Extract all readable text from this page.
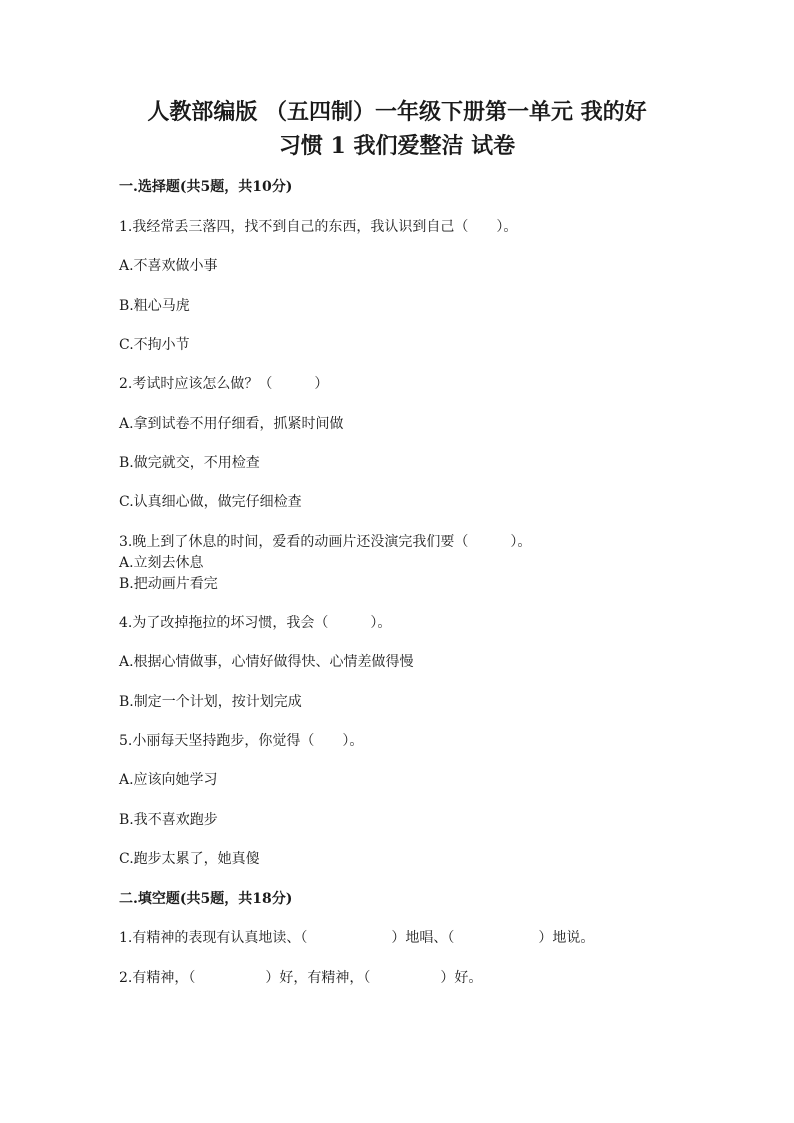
人教部编版 （五四制）一年级下册第一单元 我的好
习惯 1 我们爱整洁 试卷
一.选择题(共5题，共10分)
1.我经常丢三落四，找不到自己的东西，我认识到自己（　　）。
A.不喜欢做小事
B.粗心马虎
C.不拘小节
2.考试时应该怎么做？（　　　）
A.拿到试卷不用仔细看，抓紧时间做
B.做完就交，不用检查
C.认真细心做，做完仔细检查
3.晚上到了休息的时间，爱看的动画片还没演完我们要（　　　）。
A.立刻去休息
B.把动画片看完
4.为了改掉拖拉的坏习惯，我会（　　　）。
A.根据心情做事，心情好做得快、心情差做得慢
B.制定一个计划，按计划完成
5.小丽每天坚持跑步，你觉得（　　）。
A.应该向她学习
B.我不喜欢跑步
C.跑步太累了，她真傻
二.填空题(共5题，共18分)
1.有精神的表现有认真地读、（　　　　　　）地唱、（　　　　　　）地说。
2.有精神，（　　　　　）好，有精神，（　　　　　）好。
